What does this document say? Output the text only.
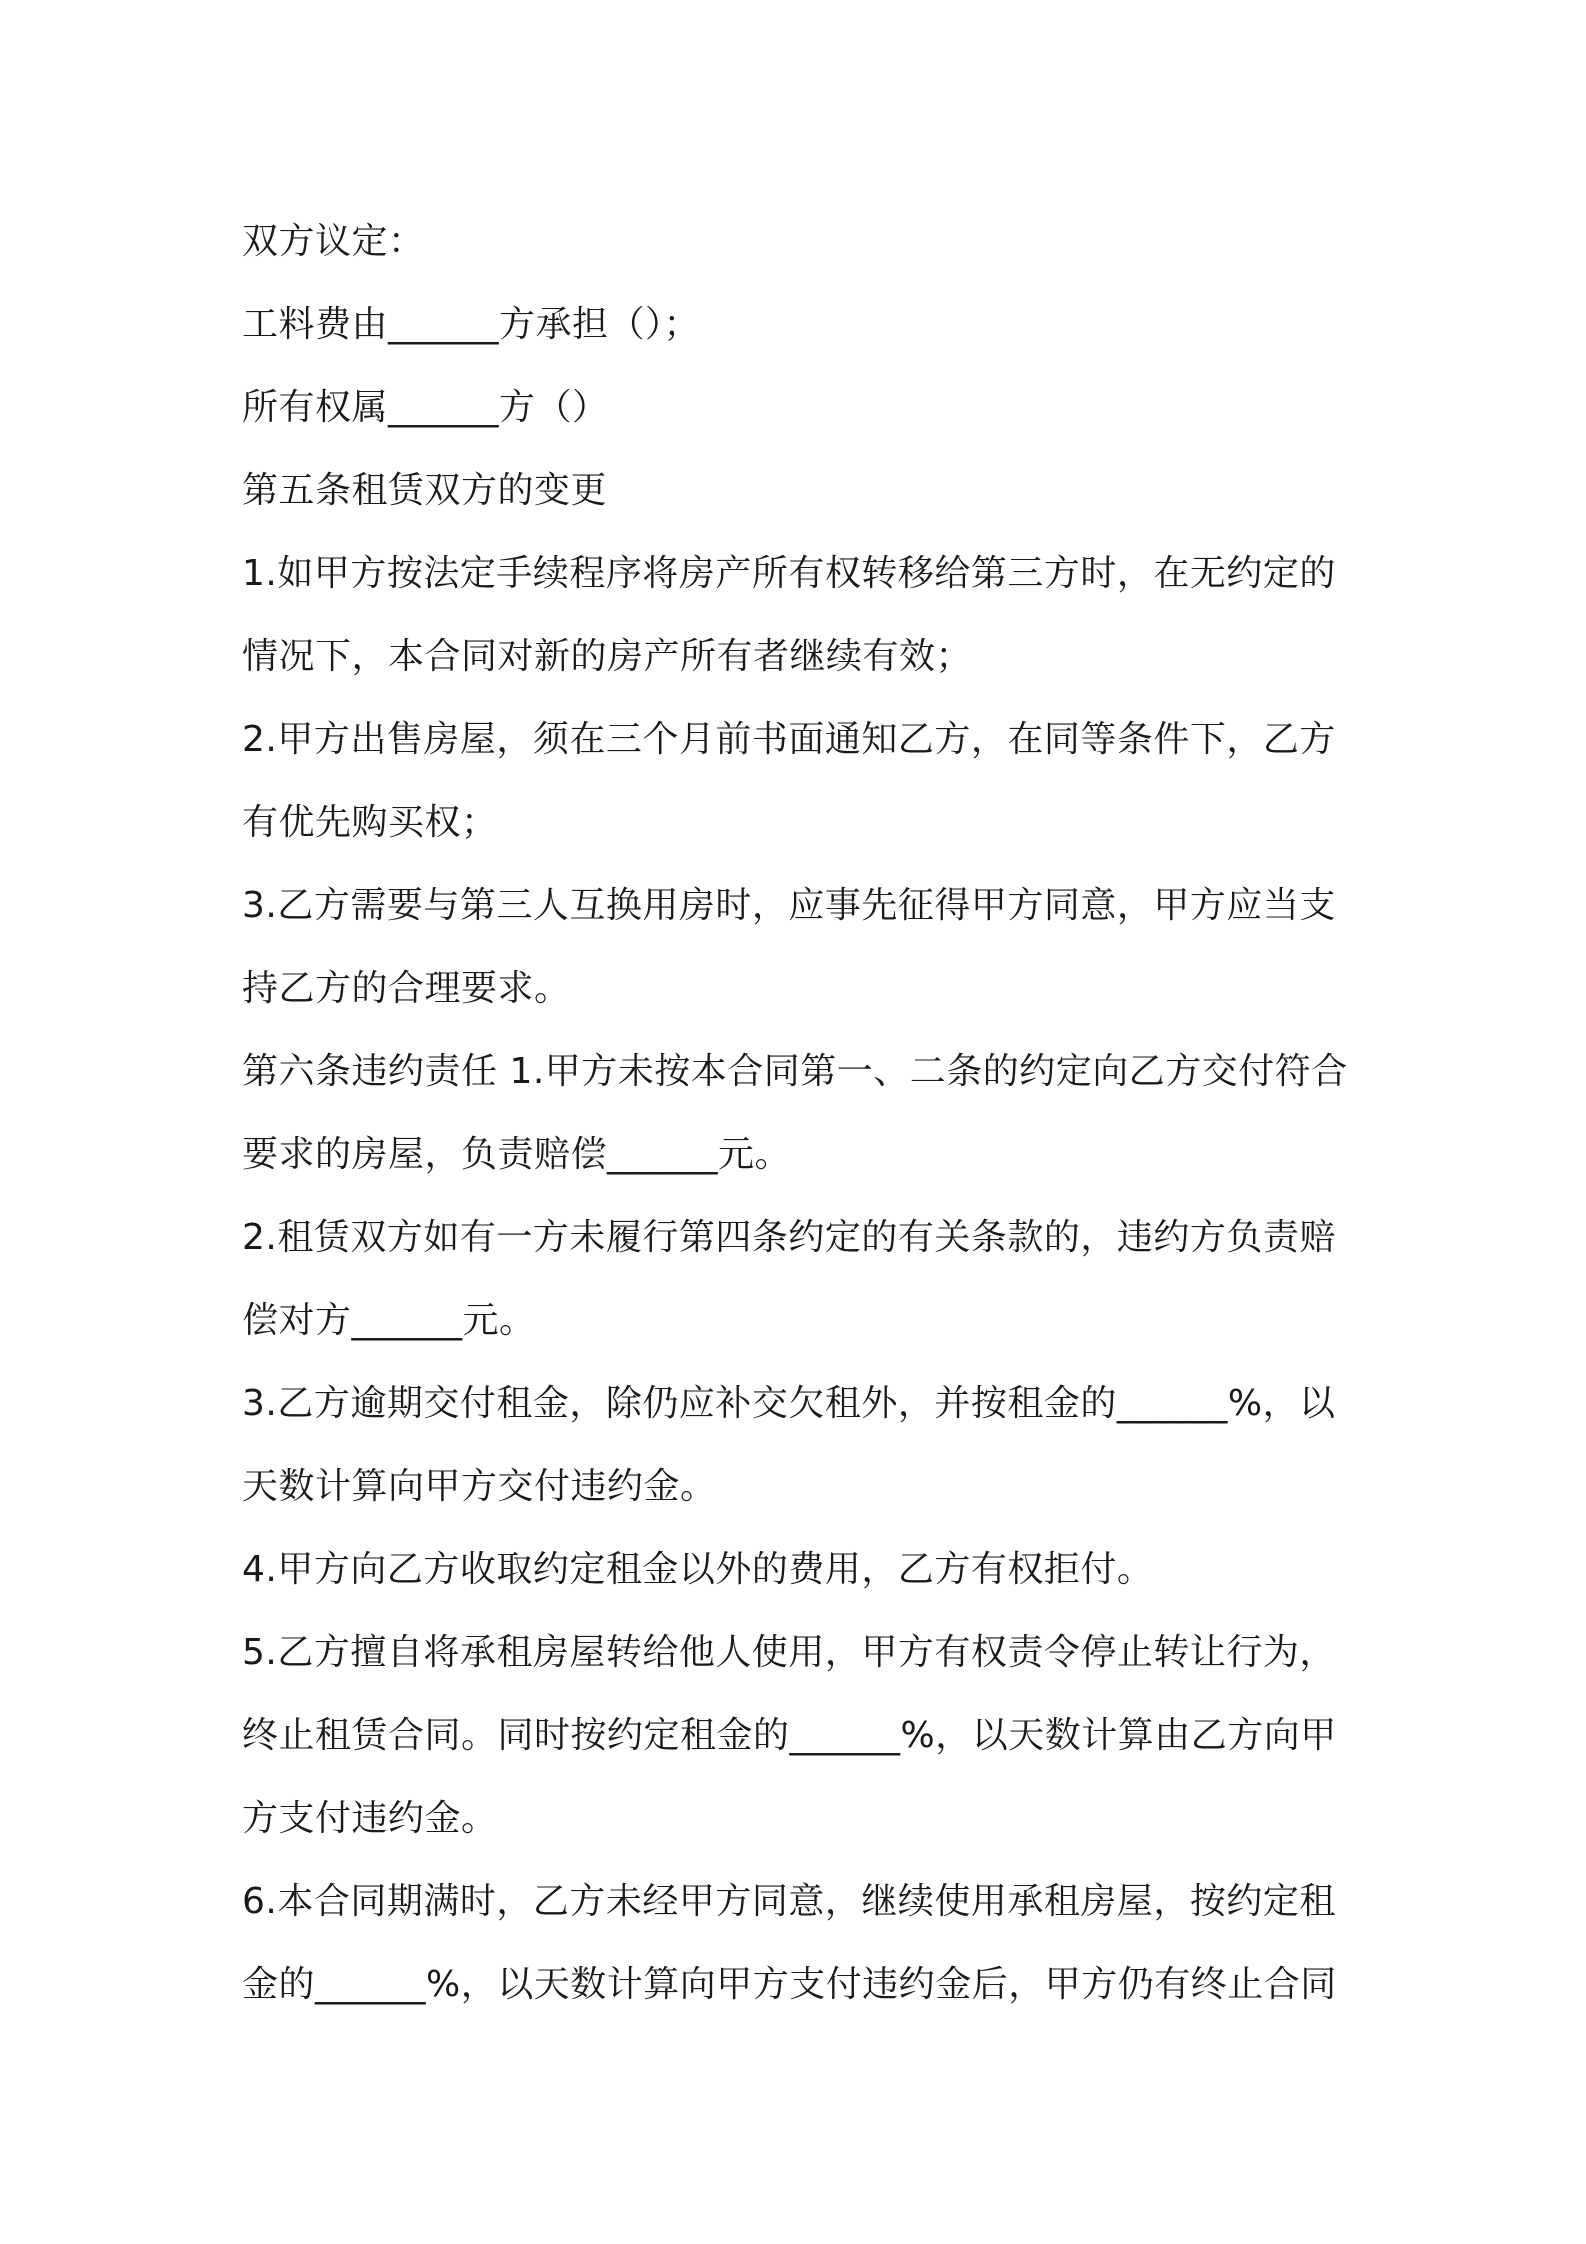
双方议定：
工料费由______方承担（）；
所有权属______方（）
第五条租赁双方的变更
1.如甲方按法定手续程序将房产所有权转移给第三方时，在无约定的
情况下，本合同对新的房产所有者继续有效；
2.甲方出售房屋，须在三个月前书面通知乙方，在同等条件下，乙方
有优先购买权；
3.乙方需要与第三人互换用房时，应事先征得甲方同意，甲方应当支
持乙方的合理要求。
第六条违约责任 1.甲方未按本合同第一、二条的约定向乙方交付符合
要求的房屋，负责赔偿______元。
2.租赁双方如有一方未履行第四条约定的有关条款的，违约方负责赔
偿对方______元。
3.乙方逾期交付租金，除仍应补交欠租外，并按租金的______%，以
天数计算向甲方交付违约金。
4.甲方向乙方收取约定租金以外的费用，乙方有权拒付。
5.乙方擅自将承租房屋转给他人使用，甲方有权责令停止转让行为，
终止租赁合同。同时按约定租金的______%，以天数计算由乙方向甲
方支付违约金。
6.本合同期满时，乙方未经甲方同意，继续使用承租房屋，按约定租
金的______%，以天数计算向甲方支付违约金后，甲方仍有终止合同
